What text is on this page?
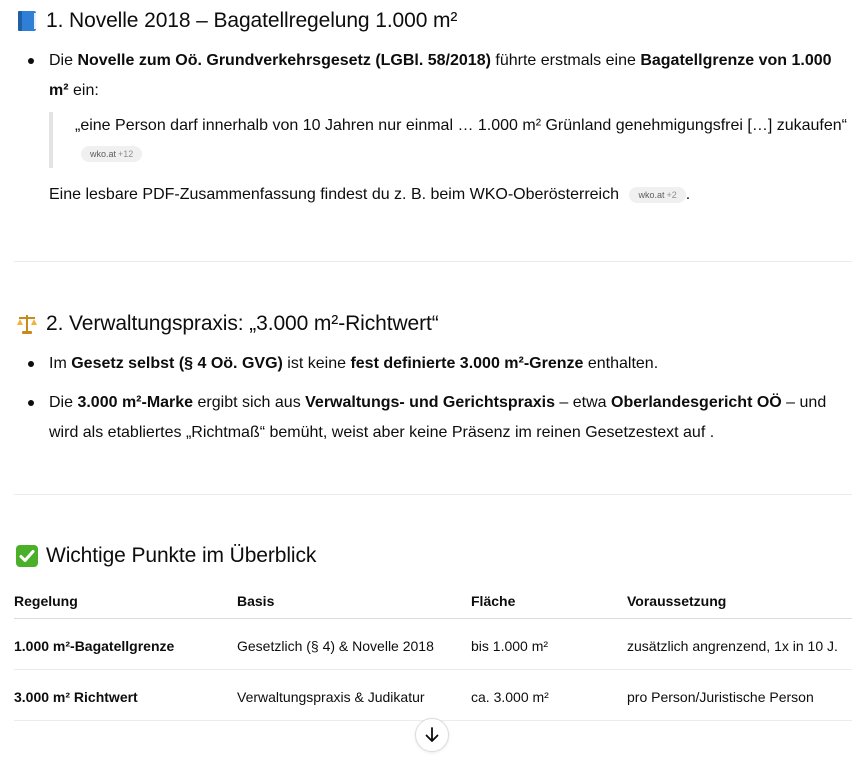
1. Novelle 2018 – Bagatellregelung 1.000 m²
Die Novelle zum Oö. Grundverkehrsgesetz (LGBl. 58/2018) führte erstmals eine Bagatellgrenze von 1.000 m² ein:
„eine Person darf innerhalb von 10 Jahren nur einmal … 1.000 m² Grünland genehmigungsfrei […] zukaufen“ wko.at +12
Eine lesbare PDF-Zusammenfassung findest du z. B. beim WKO-Oberösterreich wko.at +2 .
2. Verwaltungspraxis: „3.000 m²-Richtwert“
Im Gesetz selbst (§ 4 Oö. GVG) ist keine fest definierte 3.000 m²-Grenze enthalten.
Die 3.000 m²-Marke ergibt sich aus Verwaltungs- und Gerichtspraxis – etwa Oberlandesgericht OÖ – und wird als etabliertes „Richtmaß“ bemüht, weist aber keine Präsenz im reinen Gesetzestext auf .
Wichtige Punkte im Überblick
Regelung	Basis	Fläche	Voraussetzung
1.000 m²-Bagatellgrenze	Gesetzlich (§ 4) & Novelle 2018	bis 1.000 m²	zusätzlich angrenzend, 1x in 10 J.
3.000 m² Richtwert	Verwaltungspraxis & Judikatur	ca. 3.000 m²	pro Person/Juristische Person
